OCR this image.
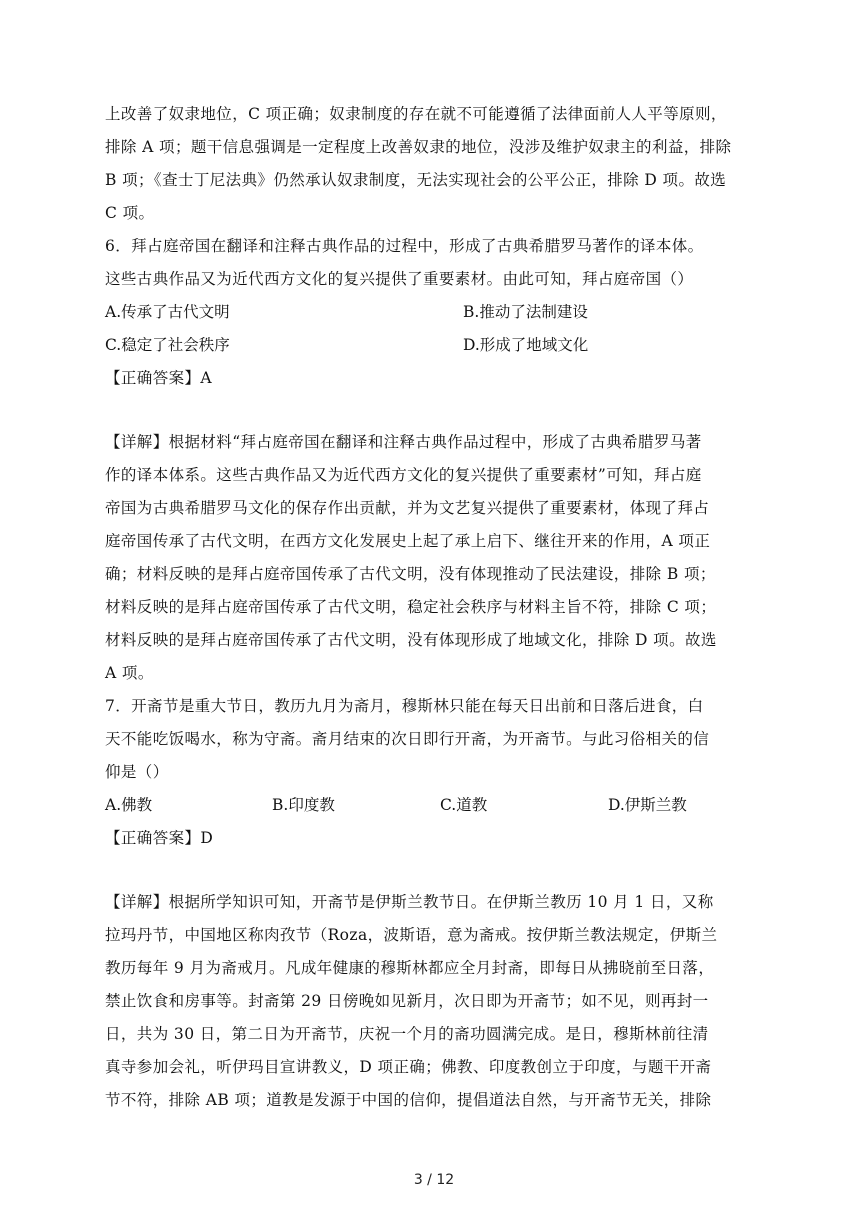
上改善了奴隶地位，C 项正确；奴隶制度的存在就不可能遵循了法律面前人人平等原则，
排除 A 项；题干信息强调是一定程度上改善奴隶的地位，没涉及维护奴隶主的利益，排除
B 项；《查士丁尼法典》仍然承认奴隶制度，无法实现社会的公平公正，排除 D 项。故选
C 项。
6．拜占庭帝国在翻译和注释古典作品的过程中，形成了古典希腊罗马著作的译本体。
这些古典作品又为近代西方文化的复兴提供了重要素材。由此可知，拜占庭帝国（）
A.传承了古代文明	B.推动了法制建设
C.稳定了社会秩序	D.形成了地域文化
【正确答案】A
【详解】根据材料“拜占庭帝国在翻译和注释古典作品过程中，形成了古典希腊罗马著
作的译本体系。这些古典作品又为近代西方文化的复兴提供了重要素材”可知，拜占庭
帝国为古典希腊罗马文化的保存作出贡献，并为文艺复兴提供了重要素材，体现了拜占
庭帝国传承了古代文明，在西方文化发展史上起了承上启下、继往开来的作用，A 项正
确；材料反映的是拜占庭帝国传承了古代文明，没有体现推动了民法建设，排除 B 项；
材料反映的是拜占庭帝国传承了古代文明，稳定社会秩序与材料主旨不符，排除 C 项；
材料反映的是拜占庭帝国传承了古代文明，没有体现形成了地域文化，排除 D 项。故选
A 项。
7．开斋节是重大节日，教历九月为斋月，穆斯林只能在每天日出前和日落后进食，白
天不能吃饭喝水，称为守斋。斋月结束的次日即行开斋，为开斋节。与此习俗相关的信
仰是（）
A.佛教	B.印度教	C.道教	D.伊斯兰教
【正确答案】D
【详解】根据所学知识可知，开斋节是伊斯兰教节日。在伊斯兰教历 10 月 1 日，又称
拉玛丹节，中国地区称肉孜节（Roza，波斯语，意为斋戒。按伊斯兰教法规定，伊斯兰
教历每年 9 月为斋戒月。凡成年健康的穆斯林都应全月封斋，即每日从拂晓前至日落，
禁止饮食和房事等。封斋第 29 日傍晚如见新月，次日即为开斋节；如不见，则再封一
日，共为 30 日，第二日为开斋节，庆祝一个月的斋功圆满完成。是日，穆斯林前往清
真寺参加会礼，听伊玛目宣讲教义，D 项正确；佛教、印度教创立于印度，与题干开斋
节不符，排除 AB 项；道教是发源于中国的信仰，提倡道法自然，与开斋节无关，排除
3 / 12
